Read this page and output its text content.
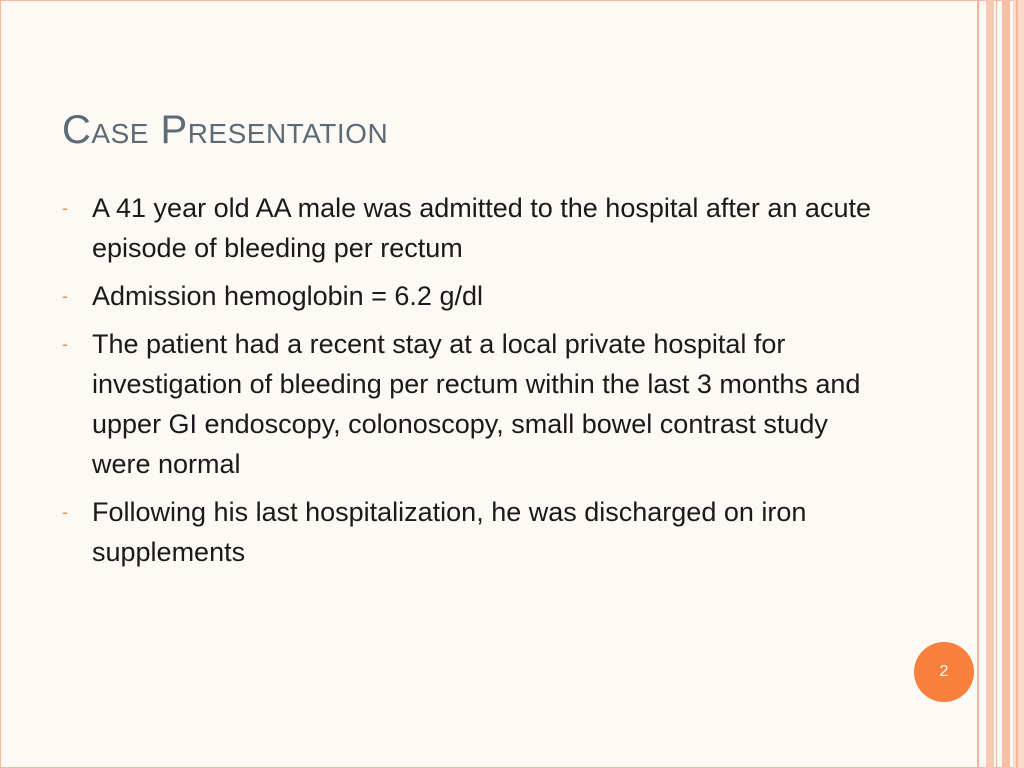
Case Presentation
- A 41 year old AA male was admitted to the hospital after an acute episode of bleeding per rectum
- Admission hemoglobin = 6.2 g/dl
- The patient had a recent stay at a local private hospital for investigation of bleeding per rectum within the last 3 months and upper GI endoscopy, colonoscopy, small bowel contrast study were normal
- Following his last hospitalization, he was discharged on iron supplements
2
